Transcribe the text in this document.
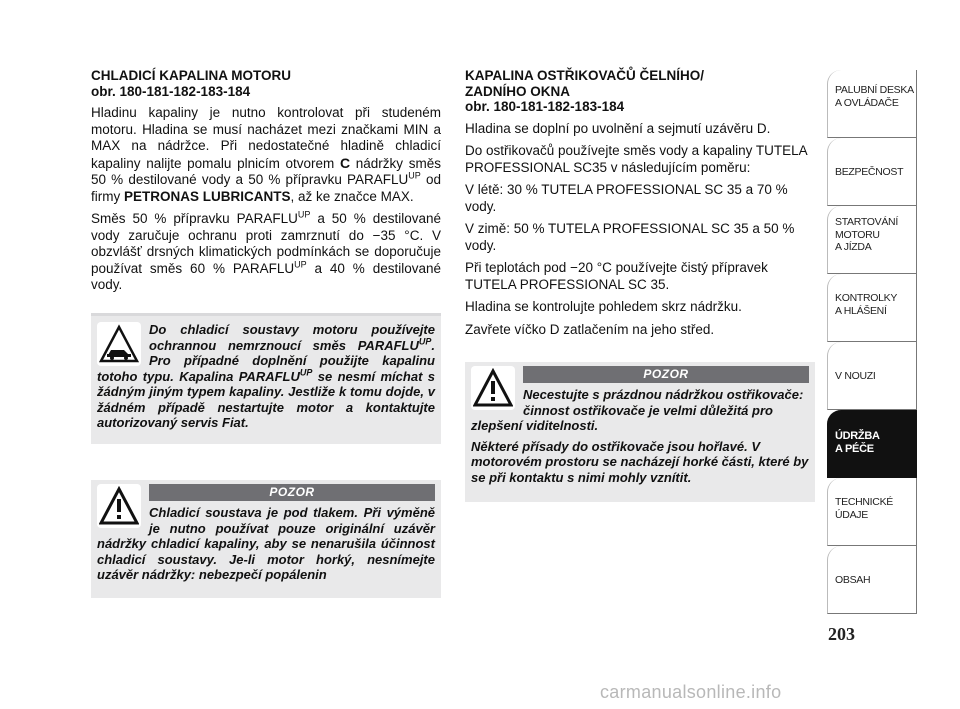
CHLADICÍ KAPALINA MOTORU
obr. 180-181-182-183-184

Hladinu kapaliny je nutno kontrolovat při studeném motoru. Hladina se musí nacházet mezi značkami MIN a MAX na nádržce. Při nedostatečné hladině chladicí kapaliny nalijte pomalu plnicím otvorem C nádržky směs 50 % destilované vody a 50 % přípravku $PARAFLU^{UP}$ od firmy PETRONAS LUBRICANTS, až ke značce MAX.

Směs 50 % přípravku $PARAFLU^{UP}$ a 50 % destilované vody zaručuje ochranu proti zamrznutí do −35 °C. V obzvlášť drsných klimatických podmínkách se doporučuje používat směs 60 % $PARAFLU^{UP}$ a 40 % destilované vody.

Do chladicí soustavy motoru používejte ochrannou nemrznoucí směs $PARAFLU^{UP}$. Pro případné doplnění použijte kapalinu totoho typu. Kapalina $PARAFLU^{UP}$ se nesmí míchat s žádným jiným typem kapaliny. Jestliže k tomu dojde, v žádném případě nestartujte motor a kontaktujte autorizovaný servis Fiat.

POZOR

Chladicí soustava je pod tlakem. Při výměně je nutno používat pouze originální uzávěr nádržky chladicí kapaliny, aby se nenarušila účinnost chladicí soustavy. Je-li motor horký, nesnímejte uzávěr nádržky: nebezpečí popálenin

KAPALINA OSTŘIKOVAČŮ ČELNÍHO/
ZADNÍHO OKNA
obr. 180-181-182-183-184

Hladina se doplní po uvolnění a sejmutí uzávěru D.

Do ostřikovačů používejte směs vody a kapaliny TUTELA PROFESSIONAL SC35 v následujícím poměru:

V létě: 30 % TUTELA PROFESSIONAL SC 35 a 70 % vody.

V zimě: 50 % TUTELA PROFESSIONAL SC 35 a 50 % vody.

Při teplotách pod −20 °C používejte čistý přípravek TUTELA PROFESSIONAL SC 35.

Hladina se kontrolujte pohledem skrz nádržku.

Zavřete víčko D zatlačením na jeho střed.

POZOR

Necestujte s prázdnou nádržkou ostřikovače: činnost ostřikovače je velmi důležitá pro zlepšení viditelnosti.

Některé přísady do ostřikovače jsou hořlavé. V motorovém prostoru se nacházejí horké části, které by se při kontaktu s nimi mohly vznítit.

PALUBNÍ DESKA
A OVLÁDAČE
BEZPEČNOST
STARTOVÁNÍ
MOTORU
A JÍZDA
KONTROLKY
A HLÁŠENÍ
V NOUZI
ÚDRŽBA
A PÉČE
TECHNICKÉ
ÚDAJE
OBSAH
203
carmanualsonline.info
